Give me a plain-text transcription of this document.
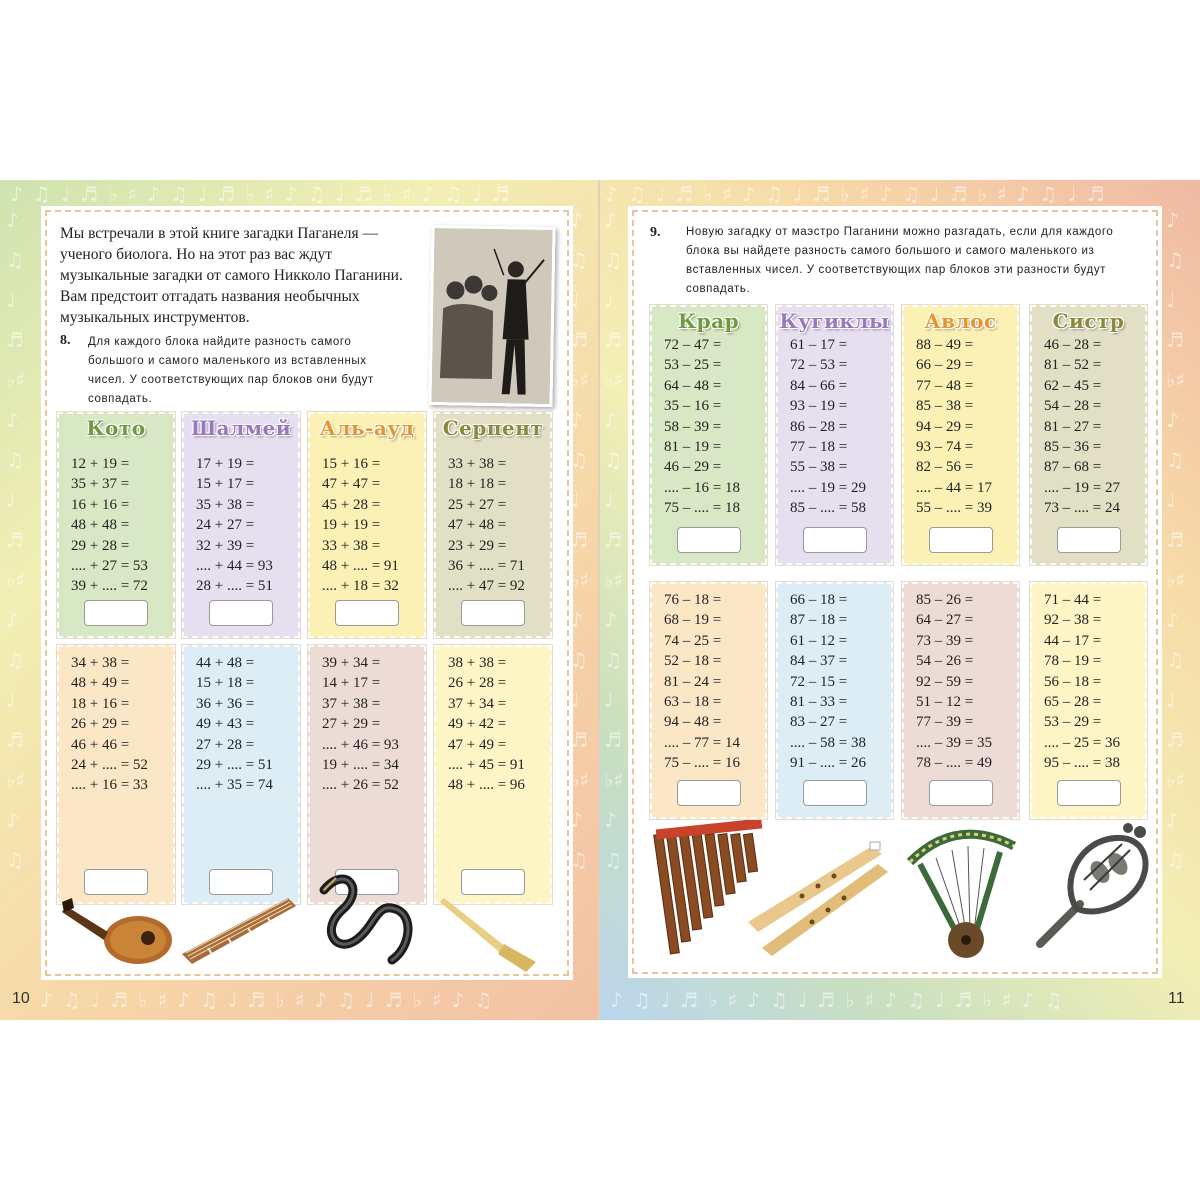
♪♫♩♬♭♯♪♫♩♬♭♯♪♫♩♬♭♯♪♫♩♬	♪♫♩♬♭♯♪♫♩♬♭♯♪♫♩♬♭♯♪♫♩♬
♪♫♩♬♭♯♪♫♩♬♭♯♪♫♩♬♭♯♪♫	♪♫♩♬♭♯♪♫♩♬♭♯♪♫♩♬♭♯♪♫
♪♫♩♬♭♯♪♫♩♬♭♯♪♫♩♬♭♯♪♫
♪♫♩♬♭♯♪♫♩♬♭♯♪♫♩♬♭♯♪♫
♪♫♩♬♭♯♪♫♩♬♭♯♪♫♩♬♭♯♪♫
♪♫♩♬♭♯♪♫♩♬♭♯♪♫♩♬♭♯♪♫
10	11
Мы встречали в этой книге загадки Паганеля — ученого биолога. Но на этот раз вас ждут музыкальные загадки от самого Никколо Паганини. Вам предстоит отгадать названия необычных музыкальных инструментов.
8. Для каждого блока найдите разность самого большого и самого маленького из вставленных чисел. У соответствующих пар блоков они будут совпадать.
9. Новую загадку от маэстро Паганини можно разгадать, если для каждого блока вы найдете разность самого большого и самого маленького из вставленных чисел. У соответствующих пар блоков эти разности будут совпадать.
Кото
12 + 19 =
35 + 37 =
16 + 16 =
48 + 48 =
29 + 28 =
.... + 27 = 53
39 + .... = 72
Шалмей
17 + 19 =
15 + 17 =
35 + 38 =
24 + 27 =
32 + 39 =
.... + 44 = 93
28 + .... = 51
Аль-ауд
15 + 16 =
47 + 47 =
45 + 28 =
19 + 19 =
33 + 38 =
48 + .... = 91
.... + 18 = 32
Серпент
33 + 38 =
18 + 18 =
25 + 27 =
47 + 48 =
23 + 29 =
36 + .... = 71
.... + 47 = 92
34 + 38 =
48 + 49 =
18 + 16 =
26 + 29 =
46 + 46 =
24 + .... = 52
.... + 16 = 33
44 + 48 =
15 + 18 =
36 + 36 =
49 + 43 =
27 + 28 =
29 + .... = 51
.... + 35 = 74
39 + 34 =
14 + 17 =
37 + 38 =
27 + 29 =
.... + 46 = 93
19 + .... = 34
.... + 26 = 52
38 + 38 =
26 + 28 =
37 + 34 =
49 + 42 =
47 + 49 =
.... + 45 = 91
48 + .... = 96
Крар
72 – 47 =
53 – 25 =
64 – 48 =
35 – 16 =
58 – 39 =
81 – 19 =
46 – 29 =
.... – 16 = 18
75 – .... = 18
Кугиклы
61 – 17 =
72 – 53 =
84 – 66 =
93 – 19 =
86 – 28 =
77 – 18 =
55 – 38 =
.... – 19 = 29
85 – .... = 58
Авлос
88 – 49 =
66 – 29 =
77 – 48 =
85 – 38 =
94 – 29 =
93 – 74 =
82 – 56 =
.... – 44 = 17
55 – .... = 39
Систр
46 – 28 =
81 – 52 =
62 – 45 =
54 – 28 =
81 – 27 =
85 – 36 =
87 – 68 =
.... – 19 = 27
73 – .... = 24
76 – 18 =
68 – 19 =
74 – 25 =
52 – 18 =
81 – 24 =
63 – 18 =
94 – 48 =
.... – 77 = 14
75 – .... = 16
66 – 18 =
87 – 18 =
61 – 12 =
84 – 37 =
72 – 15 =
81 – 33 =
83 – 27 =
.... – 58 = 38
91 – .... = 26
85 – 26 =
64 – 27 =
73 – 39 =
54 – 26 =
92 – 59 =
51 – 12 =
77 – 39 =
.... – 39 = 35
78 – .... = 49
71 – 44 =
92 – 38 =
44 – 17 =
78 – 19 =
56 – 18 =
65 – 28 =
53 – 29 =
.... – 25 = 36
95 – .... = 38
